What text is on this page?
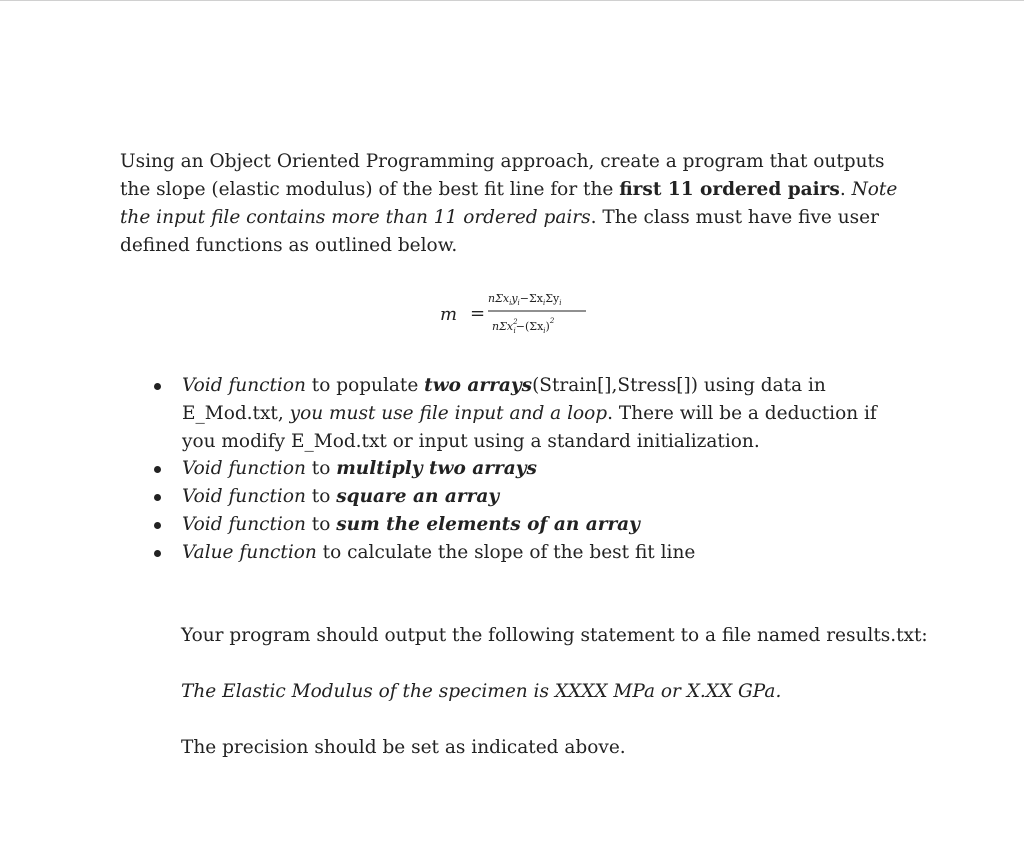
Using an Object Oriented Programming approach, create a program that outputs the slope (elastic modulus) of the best fit line for the first 11 ordered pairs. Note the input file contains more than 11 ordered pairs. The class must have five user defined functions as outlined below.

m =
$n\Sigma x_iy_i-\Sigma x_i\Sigma y_i$
nΣx$^2$ $i-(\Sigma x_i)^2$
Void function to populate two arrays(Strain[],Stress[]) using data in E_Mod.txt, you must use file input and a loop. There will be a deduction if you modify E_Mod.txt or input using a standard initialization.
Void function to multiply two arrays
Void function to square an array
Void function to sum the elements of an array
Value function to calculate the slope of the best fit line

Your program should output the following statement to a file named results.txt:

The Elastic Modulus of the specimen is XXXX MPa or X.XX GPa.

The precision should be set as indicated above.
